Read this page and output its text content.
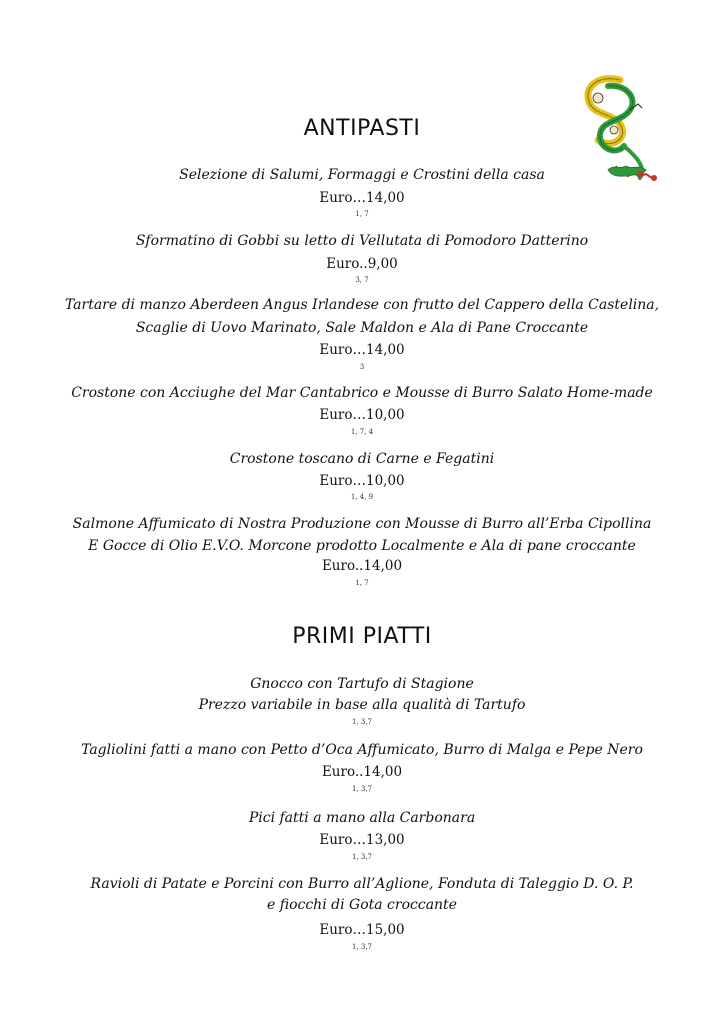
ANTIPASTI
Selezione di Salumi, Formaggi e Crostini della casa
Euro…14,00
1, 7
Sformatino di Gobbi su letto di Vellutata di Pomodoro Datterino
Euro..9,00
3, 7
Tartare di manzo Aberdeen Angus Irlandese con frutto del Cappero della Castelina,
Scaglie di Uovo Marinato, Sale Maldon e Ala di Pane Croccante
Euro…14,00
3
Crostone con Acciughe del Mar Cantabrico e Mousse di Burro Salato Home-made
Euro…10,00
1, 7, 4
Crostone toscano di Carne e Fegatini
Euro…10,00
1, 4, 9
Salmone Affumicato di Nostra Produzione con Mousse di Burro all’Erba Cipollina
E Gocce di Olio E.V.O. Morcone prodotto Localmente e Ala di pane croccante
Euro..14,00
1, 7
PRIMI PIATTI
Gnocco con Tartufo di Stagione
Prezzo variabile in base alla qualità di Tartufo
1, 3,7
Tagliolini fatti a mano con Petto d’Oca Affumicato, Burro di Malga e Pepe Nero
Euro..14,00
1, 3,7
Pici fatti a mano alla Carbonara
Euro…13,00
1, 3,7
Ravioli di Patate e Porcini con Burro all’Aglione, Fonduta di Taleggio D. O. P.
e fiocchi di Gota croccante
Euro…15,00
1, 3,7
